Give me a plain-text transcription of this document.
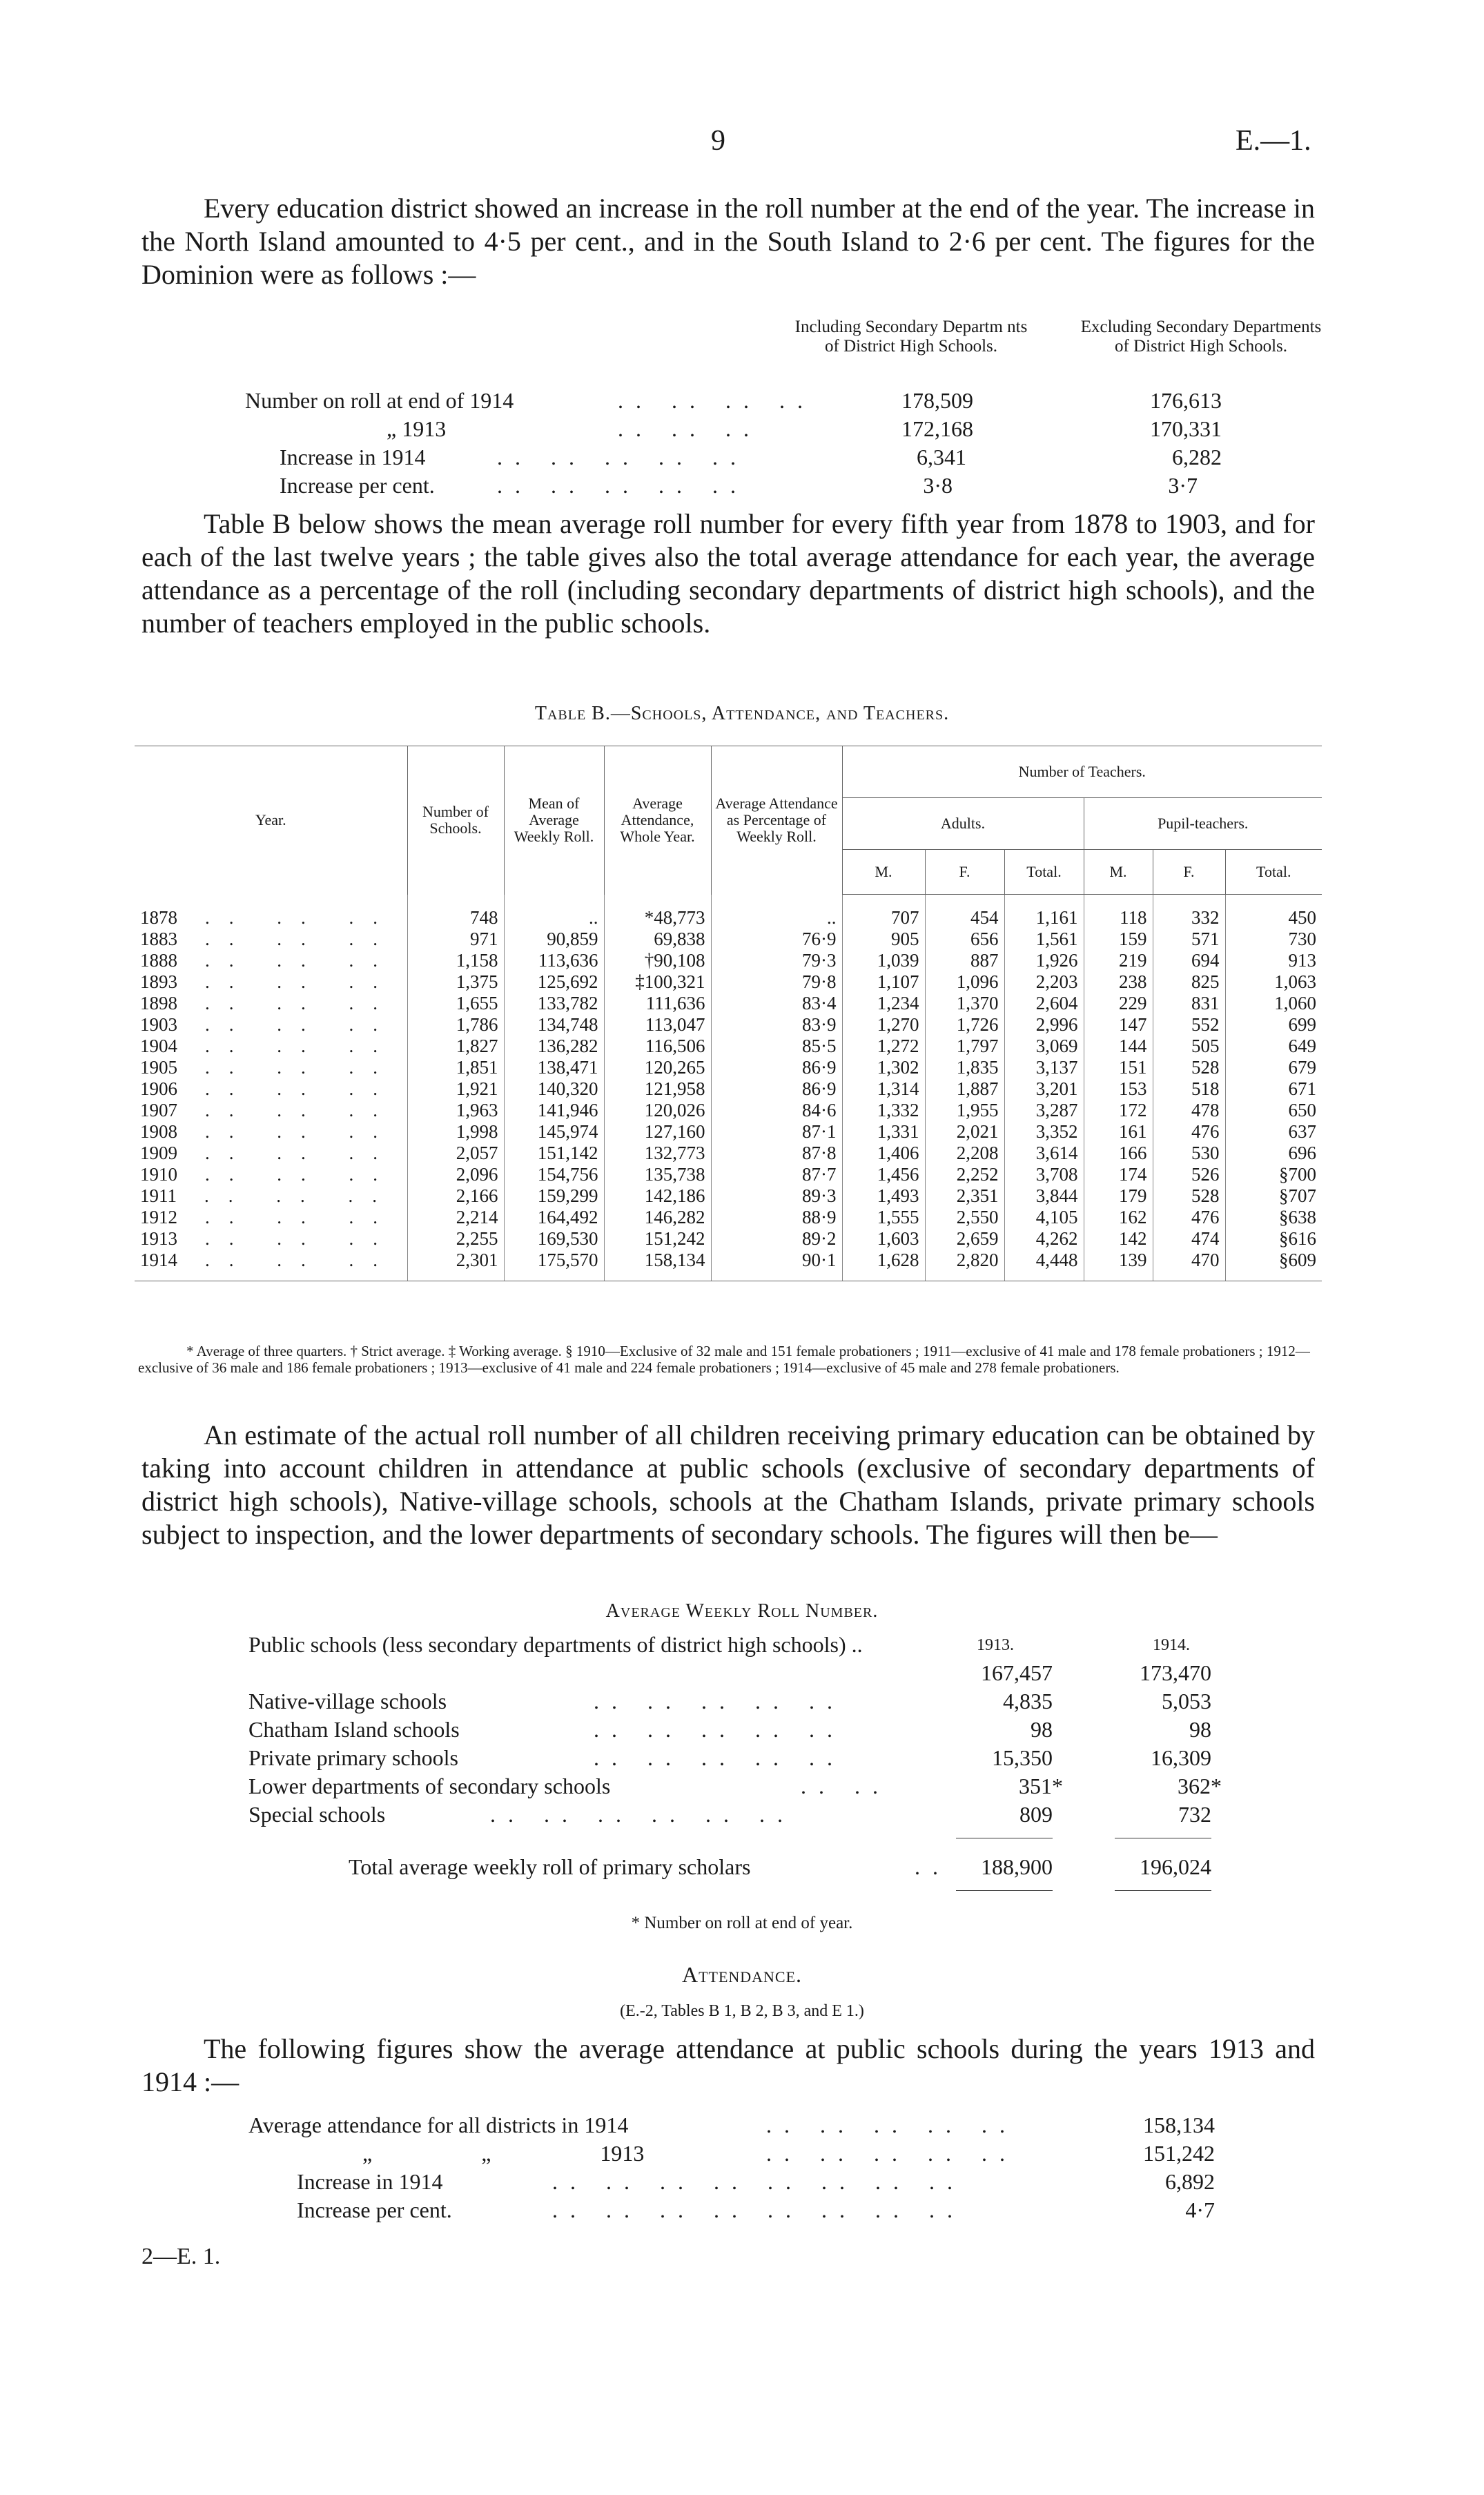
9	E.—1.

Every education district showed an increase in the roll number at the end of the year. The increase in the North Island amounted to 4·5 per cent., and in the South Island to 2·6 per cent. The figures for the Dominion were as follows :—

Including Secondary Departm nts of District High Schools.
Excluding Secondary Departments of District High Schools.
Number on roll at end of 1914	.. .. .. ..	178,509	176,613
„ 1913	.. .. ..	172,168	170,331
Increase in 1914	.. .. .. .. ..	6,341	6,282
Increase per cent.	.. .. .. .. ..	3·8	3·7

Table B below shows the mean average roll number for every fifth year from 1878 to 1903, and for each of the last twelve years ; the table gives also the total average attendance for each year, the average attendance as a percentage of the roll (including secondary departments of district high schools), and the number of teachers employed in the public schools.

Table B.—Schools, Attendance, and Teachers.
Year.	Number of Schools.	Mean of Average Weekly Roll.	Average Attendance, Whole Year.	Average Attendance as Percentage of Weekly Roll.	Number of Teachers.					
					Adults.			Pupil-teachers.		
					M.	F.	Total.	M.	F.	Total.
1878 .. .. ..	748	..	*48,773	..	707	454	1,161	118	332	450
1883 .. .. ..	971	90,859	69,838	76·9	905	656	1,561	159	571	730
1888 .. .. ..	1,158	113,636	†90,108	79·3	1,039	887	1,926	219	694	913
1893 .. .. ..	1,375	125,692	‡100,321	79·8	1,107	1,096	2,203	238	825	1,063
1898 .. .. ..	1,655	133,782	111,636	83·4	1,234	1,370	2,604	229	831	1,060
1903 .. .. ..	1,786	134,748	113,047	83·9	1,270	1,726	2,996	147	552	699
1904 .. .. ..	1,827	136,282	116,506	85·5	1,272	1,797	3,069	144	505	649
1905 .. .. ..	1,851	138,471	120,265	86·9	1,302	1,835	3,137	151	528	679
1906 .. .. ..	1,921	140,320	121,958	86·9	1,314	1,887	3,201	153	518	671
1907 .. .. ..	1,963	141,946	120,026	84·6	1,332	1,955	3,287	172	478	650
1908 .. .. ..	1,998	145,974	127,160	87·1	1,331	2,021	3,352	161	476	637
1909 .. .. ..	2,057	151,142	132,773	87·8	1,406	2,208	3,614	166	530	696
1910 .. .. ..	2,096	154,756	135,738	87·7	1,456	2,252	3,708	174	526	§700
1911 .. .. ..	2,166	159,299	142,186	89·3	1,493	2,351	3,844	179	528	§707
1912 .. .. ..	2,214	164,492	146,282	88·9	1,555	2,550	4,105	162	476	§638
1913 .. .. ..	2,255	169,530	151,242	89·2	1,603	2,659	4,262	142	474	§616
1914 .. .. ..	2,301	175,570	158,134	90·1	1,628	2,820	4,448	139	470	§609
* Average of three quarters. † Strict average. ‡ Working average. § 1910—Exclusive of 32 male and 151 female probationers ; 1911—exclusive of 41 male and 178 female probationers ; 1912—exclusive of 36 male and 186 female probationers ; 1913—exclusive of 41 male and 224 female probationers ; 1914—exclusive of 45 male and 278 female probationers.

An estimate of the actual roll number of all children receiving primary education can be obtained by taking into account children in attendance at public schools (exclusive of secondary departments of district high schools), Native-village schools, schools at the Chatham Islands, private primary schools subject to inspection, and the lower departments of secondary schools. The figures will then be—

Average Weekly Roll Number.
1913.	1914.
Public schools (less secondary departments of district high schools) ..
167,457	173,470
Native-village schools	.. .. .. .. ..	4,835	5,053
Chatham Island schools	.. .. .. .. ..	98	98
Private primary schools	.. .. .. .. ..	15,350	16,309
Lower departments of secondary schools	.. ..	351*	362*
Special schools	.. .. .. .. .. ..	809	732
Total average weekly roll of primary scholars	..	188,900	196,024
* Number on roll at end of year.
Attendance.
(E.-2, Tables B 1, B 2, B 3, and E 1.)

The following figures show the average attendance at public schools during the years 1913 and 1914 :—

Average attendance for all districts in 1914	.. .. .. .. ..	158,134
„ „ 1913	.. .. .. .. ..	151,242
Increase in 1914	.. .. .. .. .. .. .. ..	6,892
Increase per cent.	.. .. .. .. .. .. .. ..	4·7
2—E. 1.
